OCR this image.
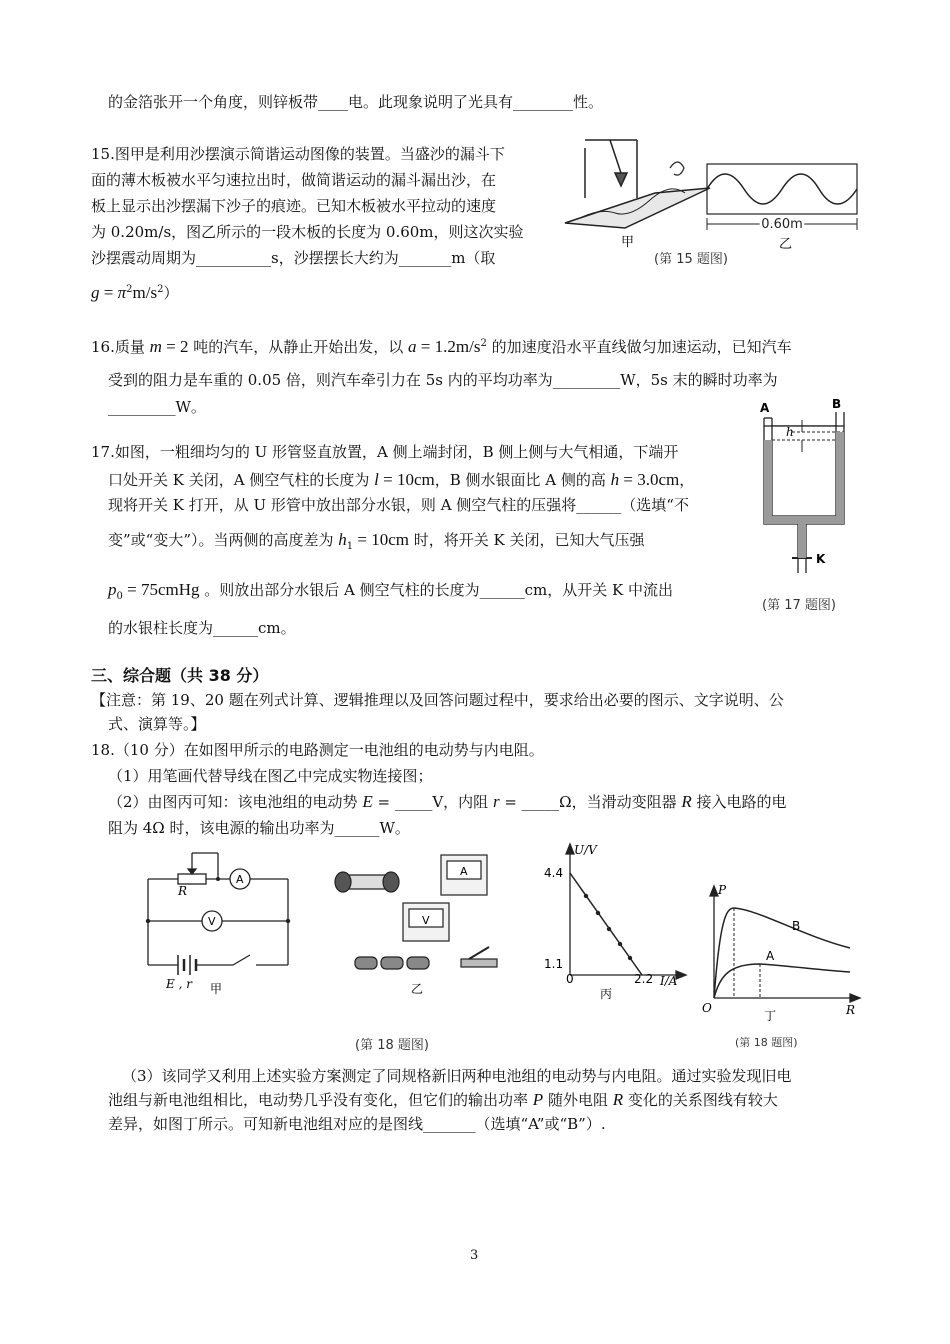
的金箔张开一个角度，则锌板带____电。此现象说明了光具有________性。
15.图甲是利用沙摆演示简谐运动图像的装置。当盛沙的漏斗下
面的薄木板被水平匀速拉出时，做简谐运动的漏斗漏出沙，在
板上显示出沙摆漏下沙子的痕迹。已知木板被水平拉动的速度
为 0.20m/s，图乙所示的一段木板的长度为 0.60m，则这次实验
沙摆震动周期为__________s，沙摆摆长大约为_______m（取
$g = \pi^2m/s^2$）
甲
0.60m
乙
(第 15 题图)
16.质量 m = 2 吨的汽车，从静止开始出发，以 $a = 1.2m/s^2$ 的加速度沿水平直线做匀加速运动，已知汽车
受到的阻力是车重的 0.05 倍，则汽车牵引力在 5s 内的平均功率为_________W，5s 末的瞬时功率为
_________W。
17.如图，一粗细均匀的 U 形管竖直放置，A 侧上端封闭，B 侧上侧与大气相通，下端开
口处开关 K 关闭，A 侧空气柱的长度为 l = 10cm，B 侧水银面比 A 侧的高 h = 3.0cm，
现将开关 K 打开，从 U 形管中放出部分水银，则 A 侧空气柱的压强将______（选填“不
变”或“变大”）。当两侧的高度差为 $h_1 = 10cm$ 时，将开关 K 关闭，已知大气压强
$p_0$ = 75cmHg 。则放出部分水银后 A 侧空气柱的长度为______cm，从开关 K 中流出
的水银柱长度为______cm。
A	B
h
K
(第 17 题图)
三、综合题（共 38 分）
【注意：第 19、20 题在列式计算、逻辑推理以及回答问题过程中，要求给出必要的图示、文字说明、公
式、演算等。】
18.（10 分）在如图甲所示的电路测定一电池组的电动势与内电阻。
（1）用笔画代替导线在图乙中完成实物连接图；
（2）由图丙可知：该电池组的电动势 E = _____V，内阻 r = _____Ω，当滑动变阻器 R 接入电路的电
阻为 4Ω 时，该电源的输出功率为______W。
R
A
V
E , r 甲
A
V
乙
U/V
4.4
1.1
0	2.2 I/A
丙
P
O	R
B
A
丁
(第 18 题图)
(第 18 题图)
（3）该同学又利用上述实验方案测定了同规格新旧两种电池组的电动势与内电阻。通过实验发现旧电
池组与新电池组相比，电动势几乎没有变化，但它们的输出功率 P 随外电阻 R 变化的关系图线有较大
差异，如图丁所示。可知新电池组对应的是图线_______（选填“A”或“B”）.
3
